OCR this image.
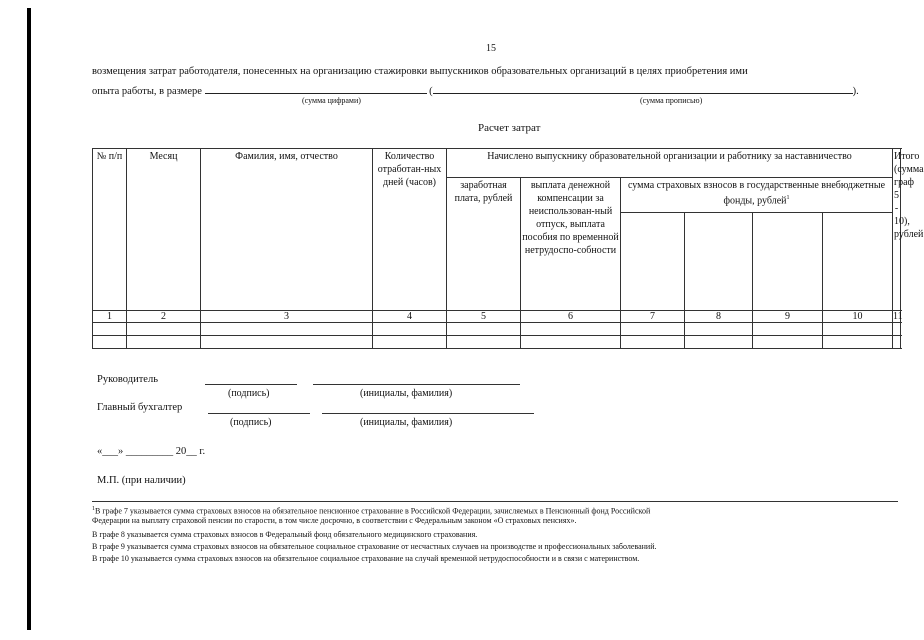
15
возмещения затрат работодателя, понесенных на организацию стажировки выпускников образовательных организаций в целях приобретения ими
опыта работы, в размере	(	).
(сумма цифрами)	(сумма прописью)
Расчет затрат
№ п/п	Месяц	Фамилия, имя, отчество	Количество отработан-ных дней (часов)	Начислено выпускнику образовательной организации и работнику за наставничество						Итого (сумма граф 5 - 10), рублей
				заработная плата, рублей	выплата денежной компенсации за неиспользован-ный отпуск, выплата пособия по временной нетрудоспо-собности	сумма страховых взносов в государственные внебюджетные фонды, рублей$^1$

1	2	3	4	5	6	7	8	9	10	11

Руководитель
(подпись)	(инициалы, фамилия)
Главный бухгалтер
(подпись)	(инициалы, фамилия)
«___» _________ 20__ г.
М.П. (при наличии)
$^1$В графе 7 указывается сумма страховых взносов на обязательное пенсионное страхование в Российской Федерации, зачисляемых в Пенсионный фонд Российской
Федерации на выплату страховой пенсии по старости, в том числе досрочно, в соответствии с Федеральным законом «О страховых пенсиях».
В графе 8 указывается сумма страховых взносов в Федеральный фонд обязательного медицинского страхования.
В графе 9 указывается сумма страховых взносов на обязательное социальное страхование от несчастных случаев на производстве и профессиональных заболеваний.
В графе 10 указывается сумма страховых взносов на обязательное социальное страхование на случай временной нетрудоспособности и в связи с материнством.
